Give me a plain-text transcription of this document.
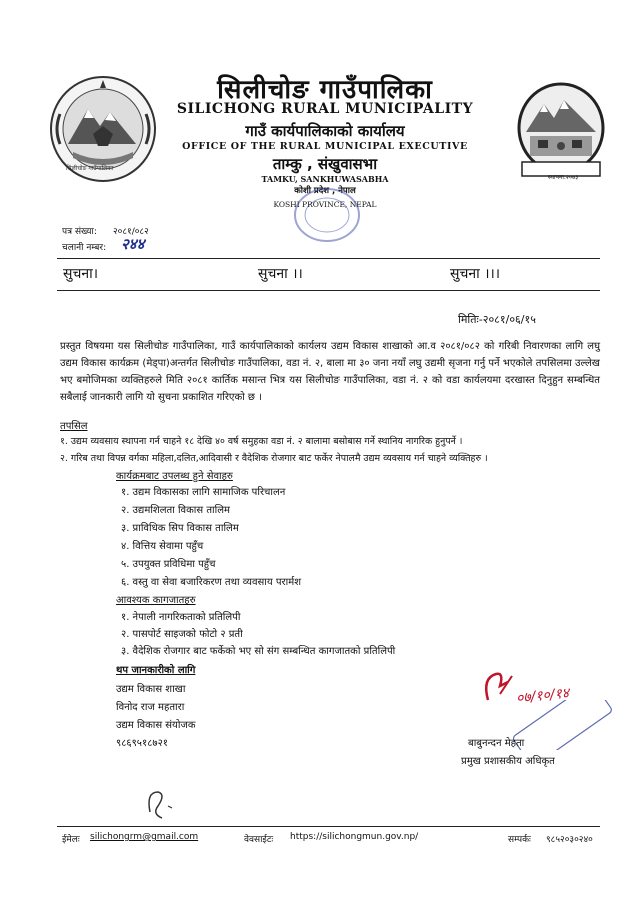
सिलीचोङ गाउँपालिका
स्थापना:२०७३
सिलीचोङ गाउँपालिका
SILICHONG RURAL MUNICIPALITY
गाउँ कार्यपालिकाको कार्यालय
OFFICE OF THE RURAL MUNICIPAL EXECUTIVE
ताम्कु , संखुवासभा
TAMKU, SANKHUWASABHA
कोशी प्रदेश , नेपाल
KOSHI PROVINCE, NEPAL
पत्र संख्या: २०८१/०८२
चलानी नम्बर: २४४
सुचना।	सुचना ।।	सुचना ।।।
मितिः-२०८१/०६/१५
प्रस्तुत विषयमा यस सिलीचोङ गाउँपालिका, गाउँ कार्यपालिकाको कार्यलय उद्यम विकास शाखाको आ.व २०८१/०८२ को गरिबी निवारणका लागि लघु उद्यम विकास कार्यक्रम (मेड्पा)अन्तर्गत सिलीचोङ गाउँपालिका, वडा नं. २, बाला मा ३० जना नयाँ लघु उद्यमी सृजना गर्नु पर्ने भएकोले तपसिलमा उल्लेख भए बमोजिमका व्यक्तिहरुले मिति २०८१ कार्तिक मसान्त भित्र यस सिलीचोङ गाउँपालिका, वडा नं. २ को वडा कार्यलयमा दरखास्त दिनुहुन सम्बन्धित सबैलाई जानकारी लागि यो सुचना प्रकाशित गरिएको छ ।
तपसिल
१. उद्यम व्यवसाय स्थापना गर्न चाहने १८ देखि ४० वर्ष समुहका वडा नं. २ बालामा बसोबास गर्ने स्थानिय नागरिक हुनुपर्ने ।
२. गरिब तथा विपन्न वर्गका महिला,दलित,आदिवासी र वैदेशिक रोजगार बाट फर्केर नेपालमै उद्यम व्यवसाय गर्न चाहने व्यक्तिहरु ।
कार्यक्रमबाट उपलब्ध हुने सेवाहरु
१. उद्यम विकासका लागि सामाजिक परिचालन
२. उद्यमशिलता विकास तालिम
३. प्राविधिक सिप विकास तालिम
४. वित्तिय सेवामा पहुँच
५. उपयुक्त प्रविधिमा पहुँच
६. वस्तु वा सेवा बजारिकरण तथा व्यवसाय परार्मश
आवश्यक कागजातहरु
१. नेपाली नागरिकताको प्रतिलिपी
२. पासपोर्ट साइजको फोटो २ प्रती
३. वैदेशिक रोजगार बाट फर्केको भए सो संग सम्बन्धित कागजातको प्रतिलिपी
थप जानकारीको लागि
उद्यम विकास शाखा
विनोद राज महतारा
उद्यम विकास संयोजक
९८६९५१८७२१
०७/१०/१४
बाबुनन्दन मेहता
प्रमुख प्रशासकीय अधिकृत
ईमेलः silichongrm@gmail.com	वेवसाईटः https://silichongmun.gov.np/	सम्पर्कः ९८५२०३०२४०
